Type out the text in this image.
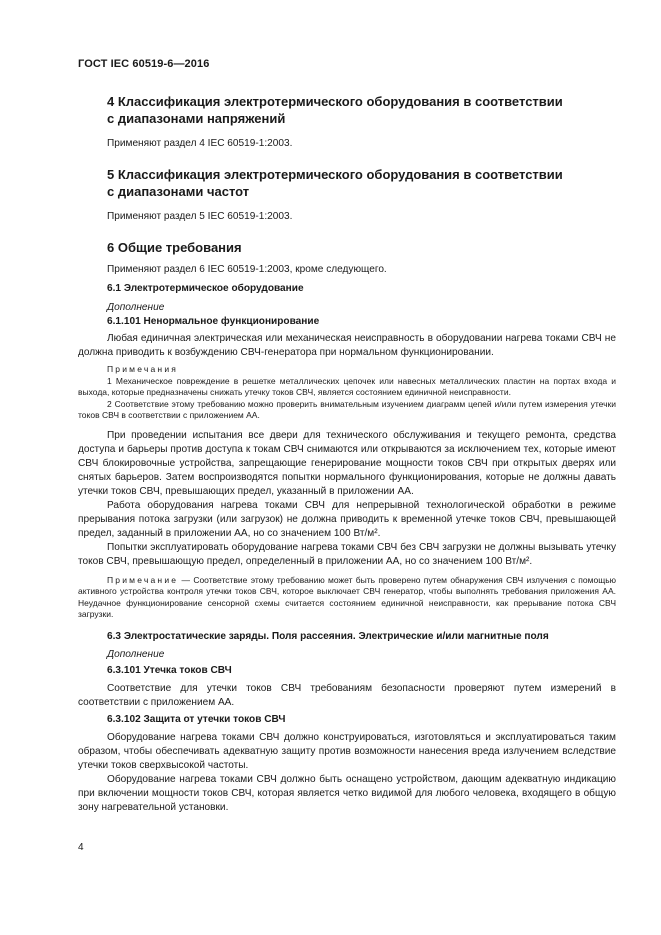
ГОСТ IEC 60519-6—2016

4 Классификация электротермического оборудования в соответствии
с диапазонами напряжений

Применяют раздел 4 IEC 60519-1:2003.

5 Классификация электротермического оборудования в соответствии
с диапазонами частот

Применяют раздел 5 IEC 60519-1:2003.

6 Общие требования

Применяют раздел 6 IEC 60519-1:2003, кроме следующего.

6.1 Электротермическое оборудование

Дополнение

6.1.101 Ненормальное функционирование

Любая единичная электрическая или механическая неисправность в оборудовании нагрева токами СВЧ не должна приводить к возбуждению СВЧ-генератора при нормальном функционировании.

Примечания

1 Механическое повреждение в решетке металлических цепочек или навесных металлических пластин на портах входа и выхода, которые предназначены снижать утечку токов СВЧ, является состоянием единичной неисправности.

2 Соответствие этому требованию можно проверить внимательным изучением диаграмм цепей и/или путем измерения утечки токов СВЧ в соответствии с приложением АА.

При проведении испытания все двери для технического обслуживания и текущего ремонта, средства доступа и барьеры против доступа к токам СВЧ снимаются или открываются за исключением тех, которые имеют СВЧ блокировочные устройства, запрещающие генерирование мощности токов СВЧ при открытых дверях или снятых барьеров. Затем воспроизводятся попытки нормального функционирования, которые не должны давать утечки токов СВЧ, превышающих предел, указанный в приложении АА.

Работа оборудования нагрева токами СВЧ для непрерывной технологической обработки в режиме прерывания потока загрузки (или загрузок) не должна приводить к временной утечке токов СВЧ, превышающей предел, заданный в приложении АА, но со значением 100 Вт/м².

Попытки эксплуатировать оборудование нагрева токами СВЧ без СВЧ загрузки не должны вызывать утечку токов СВЧ, превышающую предел, определенный в приложении АА, но со значением 100 Вт/м².

Примечание — Соответствие этому требованию может быть проверено путем обнаружения СВЧ излучения с помощью активного устройства контроля утечки токов СВЧ, которое выключает СВЧ генератор, чтобы выполнять требования приложения АА. Неудачное функционирование сенсорной схемы считается состоянием единичной неисправности, как прерывание потока СВЧ загрузки.

6.3 Электростатические заряды. Поля рассеяния. Электрические и/или магнитные поля

Дополнение

6.3.101 Утечка токов СВЧ

Соответствие для утечки токов СВЧ требованиям безопасности проверяют путем измерений в соответствии с приложением АА.

6.3.102 Защита от утечки токов СВЧ

Оборудование нагрева токами СВЧ должно конструироваться, изготовляться и эксплуатироваться таким образом, чтобы обеспечивать адекватную защиту против возможности нанесения вреда излучением вследствие утечки токов сверхвысокой частоты.

Оборудование нагрева токами СВЧ должно быть оснащено устройством, дающим адекватную индикацию при включении мощности токов СВЧ, которая является четко видимой для любого человека, входящего в общую зону нагревательной установки.

4
